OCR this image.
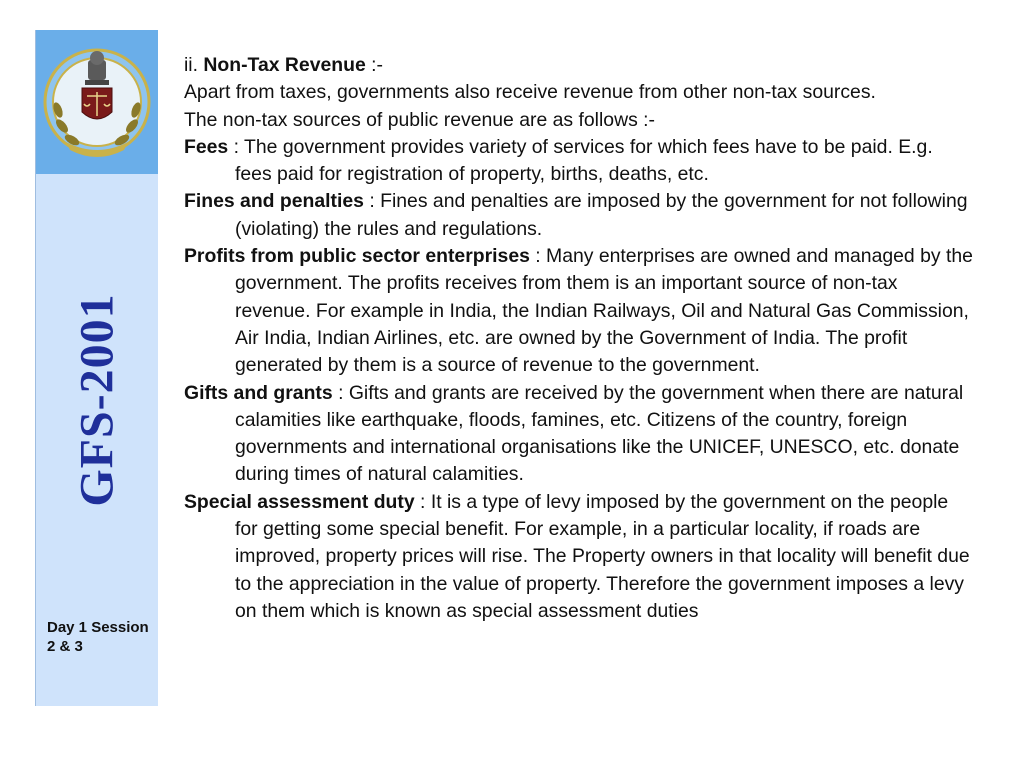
GFS-2001
Day 1 Session 2 & 3

ii. Non-Tax Revenue :-

Apart from taxes, governments also receive revenue from other non-tax sources.

The non-tax sources of public revenue are as follows :-

Fees : The government provides variety of services for which fees have to be paid. E.g. fees paid for registration of property, births, deaths, etc.

Fines and penalties : Fines and penalties are imposed by the government for not following (violating) the rules and regulations.

Profits from public sector enterprises : Many enterprises are owned and managed by the government. The profits receives from them is an important source of non-tax revenue. For example in India, the Indian Railways, Oil and Natural Gas Commission, Air India, Indian Airlines, etc. are owned by the Government of India. The profit generated by them is a source of revenue to the government.

Gifts and grants : Gifts and grants are received by the government when there are natural calamities like earthquake, floods, famines, etc. Citizens of the country, foreign governments and international organisations like the UNICEF, UNESCO, etc. donate during times of natural calamities.

Special assessment duty : It is a type of levy imposed by the government on the people for getting some special benefit. For example, in a particular locality, if roads are improved, property prices will rise. The Property owners in that locality will benefit due to the appreciation in the value of property. Therefore the government imposes a levy on them which is known as special assessment duties
